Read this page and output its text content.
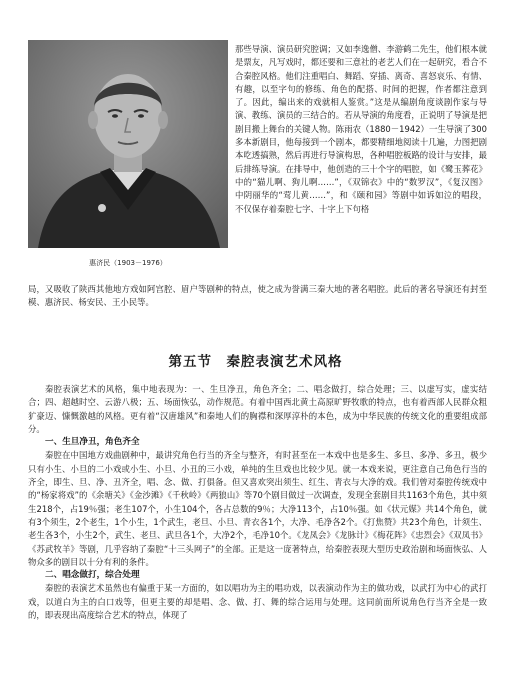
惠济民（1903－1976）

那些导演、演员研究腔调；又如李逸僧、李游鹤二先生，他们根本就是票友，凡写戏时，都还要和三意社的老艺人们在一起研究，看合不合秦腔风格。他们注重唱白、舞蹈、穿插、离奇、喜怒哀乐、有情、有趣，以至字句的修练、角色的配搭、时间的把握，作者都注意到了。因此，编出来的戏就相人鉴赏。”这是从编剧角度谈剧作家与导演、教练、演员的三结合的。若从导演的角度看，正说明了导演是把剧目搬上舞台的关键人物。陈雨农（1880－1942）一生导演了300多本新剧目，他每接到一个剧本，都要精细地阅读十几遍，力图把剧本吃透搞熟，然后再进行导演构思，各种唱腔板路的设计与安排，最后排练导演。在排导中，他创造的三十个字的唱腔，如《鹭玉葬花》中的“猫儿啊、狗儿啊……”，《双锦衣》中的“数罗汉”，《复汉图》中阴丽华的“莺儿黄……”，和《颐和园》等剧中如诉如泣的唱段，不仅保存着秦腔七字、十字上下句格

局，又吸收了陕西其他地方戏如阿宫腔、眉户等剧种的特点，使之成为誉满三秦大地的著名唱腔。此后的著名导演还有封至模、惠济民、杨安民、王小民等。

第五节　秦腔表演艺术风格

秦腔表演艺术的风格，集中地表现为：一、生旦净丑，角色齐全；二、唱念做打，综合处理；三、以虚写实，虚实结合；四、超越时空、云游八极；五、场面恢弘，动作规范。有着中国西北黄土高原旷野牧歌的特点，也有着西部人民群众粗犷豪迈、慷慨激越的风格。更有着“汉唐雄风”和秦地人们的胸襟和深厚淳朴的本色，成为中华民族的传统文化的重要组成部分。

一、生旦净丑，角色齐全

秦腔在中国地方戏曲剧种中，最讲究角色行当的齐全与整齐，有时甚至在一本戏中也是多生、多旦、多净、多丑，极少只有小生、小旦的二小戏或小生、小旦、小丑的三小戏，单纯的生旦戏也比较少见。就一本戏来说，更注意自己角色行当的齐全，即生、旦、净、丑齐全，唱、念、做、打俱备。但又喜欢突出须生、红生、青衣与大净的戏。我们曾对秦腔传统戏中的“杨家将戏”的《余塘关》《金沙滩》《千秋岭》《两狼山》等70个剧目做过一次调查，发现全套剧目共1163个角色，其中须生218个，占19％强；老生107个，小生104个，各占总数的9％；大净113个，占10％强。如《状元媒》共14个角色，就有3个须生，2个老生，1个小生，1个武生，老旦、小旦、青衣各1个，大净、毛净各2个。《打焦赞》共23个角色，计须生、老生各3个，小生2个，武生、老旦、武旦各1个，大净2个，毛净10个。《龙凤会》《龙脉计》《梅花阵》《忠烈会》《双凤书》《苏武牧羊》等剧，几乎容纳了秦腔“十三头网子”的全部。正是这一庞著特点，给秦腔表现大型历史政治剧和场面恢弘、人物众多的剧目以十分有利的条件。

二、唱念做打，综合处理

秦腔的表演艺术虽然也有偏重于某一方面的，如以唱功为主的唱功戏，以表演动作为主的做功戏，以武打为中心的武打戏，以道白为主的白口戏等，但更主要的却是唱、念、做、打、舞的综合运用与处理。这同前面所说角色行当齐全是一致的，即表现出高度综合艺术的特点，体现了
